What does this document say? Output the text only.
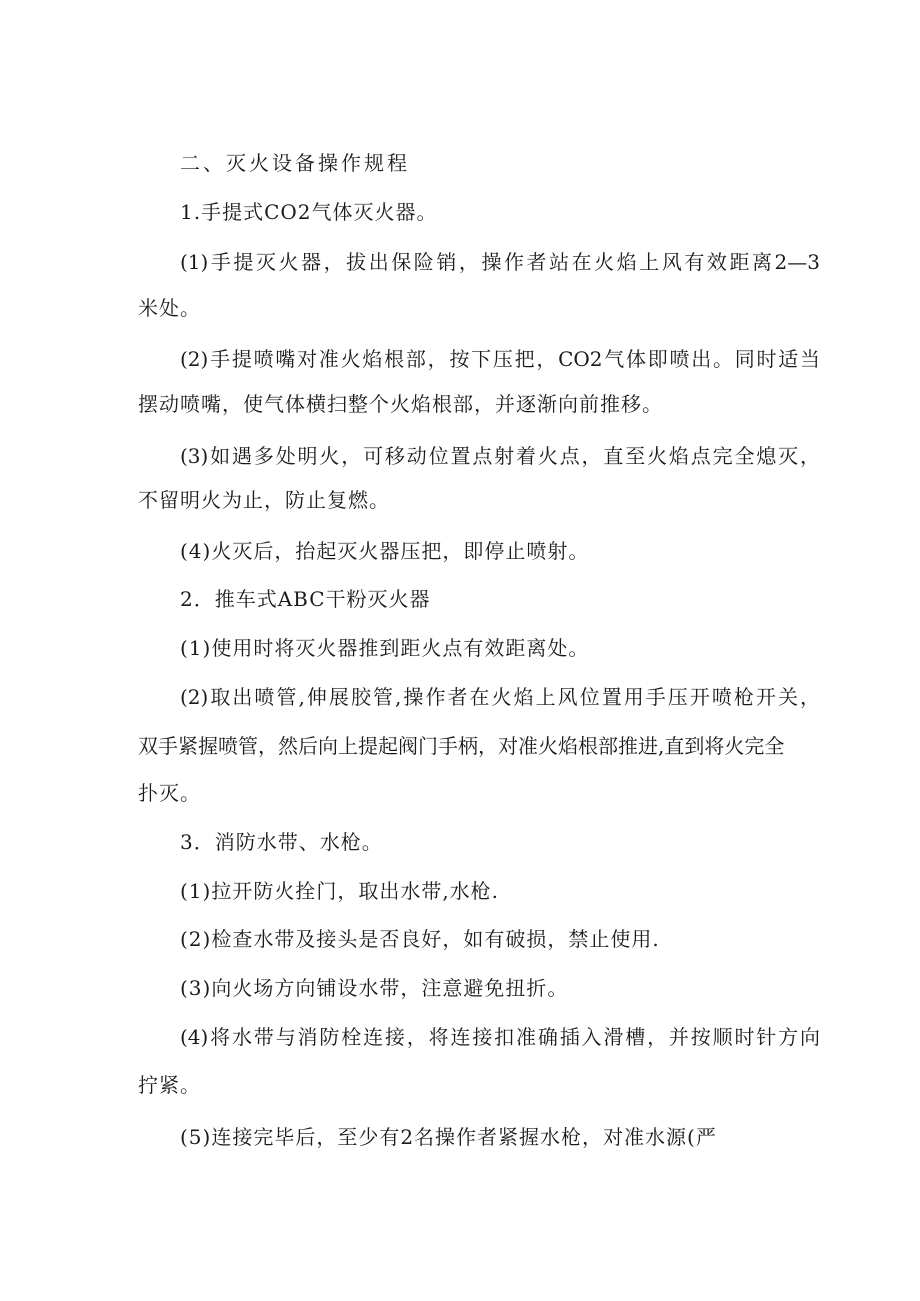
二、灭火设备操作规程
1.手提式CO2气体灭火器。
(1)手提灭火器，拔出保险销，操作者站在火焰上风有效距离2—3
米处。
(2)手提喷嘴对准火焰根部，按下压把，CO2气体即喷出。同时适当
摆动喷嘴，使气体横扫整个火焰根部，并逐渐向前推移。
(3)如遇多处明火，可移动位置点射着火点，直至火焰点完全熄灭，
不留明火为止，防止复燃。
(4)火灭后，抬起灭火器压把，即停止喷射。
2．推车式ABC干粉灭火器
(1)使用时将灭火器推到距火点有效距离处。
(2)取出喷管,伸展胶管,操作者在火焰上风位置用手压开喷枪开关，
双手紧握喷管，然后向上提起阀门手柄，对准火焰根部推进,直到将火完全
扑灭。
3．消防水带、水枪。
(1)拉开防火拴门，取出水带,水枪.
(2)检查水带及接头是否良好，如有破损，禁止使用.
(3)向火场方向铺设水带，注意避免扭折。
(4)将水带与消防栓连接，将连接扣准确插入滑槽，并按顺时针方向
拧紧。
(5)连接完毕后，至少有2名操作者紧握水枪，对准水源(严
